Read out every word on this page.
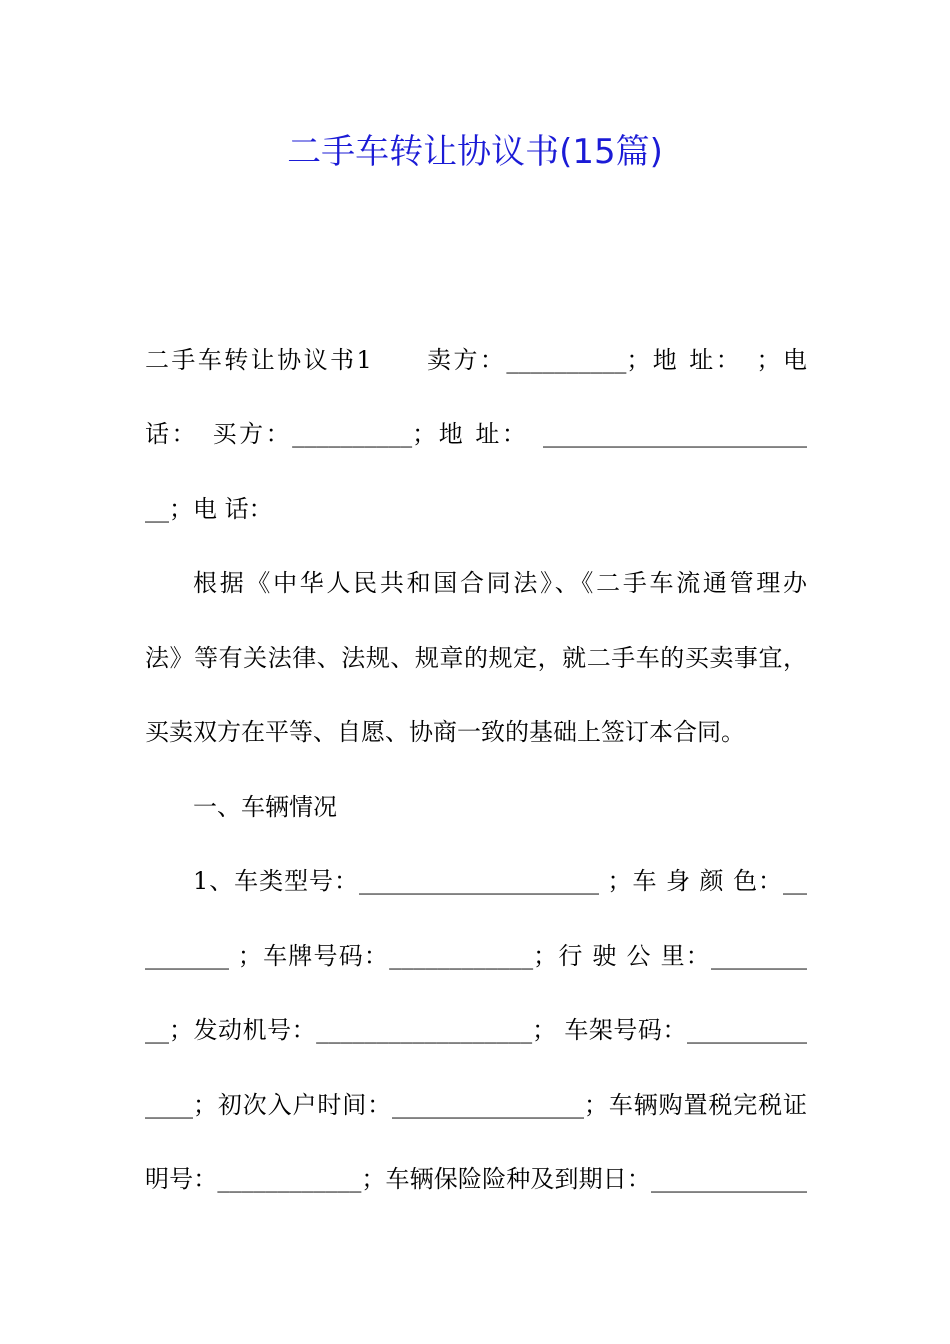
二手车转让协议书(15篇)
二手车转让协议书1　　卖方：__________；地 址：　；电
话：　买方：__________；地 址：　______________________
__；电 话：
根据《中华人民共和国合同法》、《二手车流通管理办
法》等有关法律、法规、规章的规定，就二手车的买卖事宜，
买卖双方在平等、自愿、协商一致的基础上签订本合同。
一、车辆情况
1、车类型号：____________________ ；车 身 颜 色：__
_______ ；车牌号码：____________；行 驶 公 里：________
__；发动机号：__________________； 车架号码：__________
____；初次入户时间：________________；车辆购置税完税证
明号：____________；车辆保险险种及到期日：_____________
